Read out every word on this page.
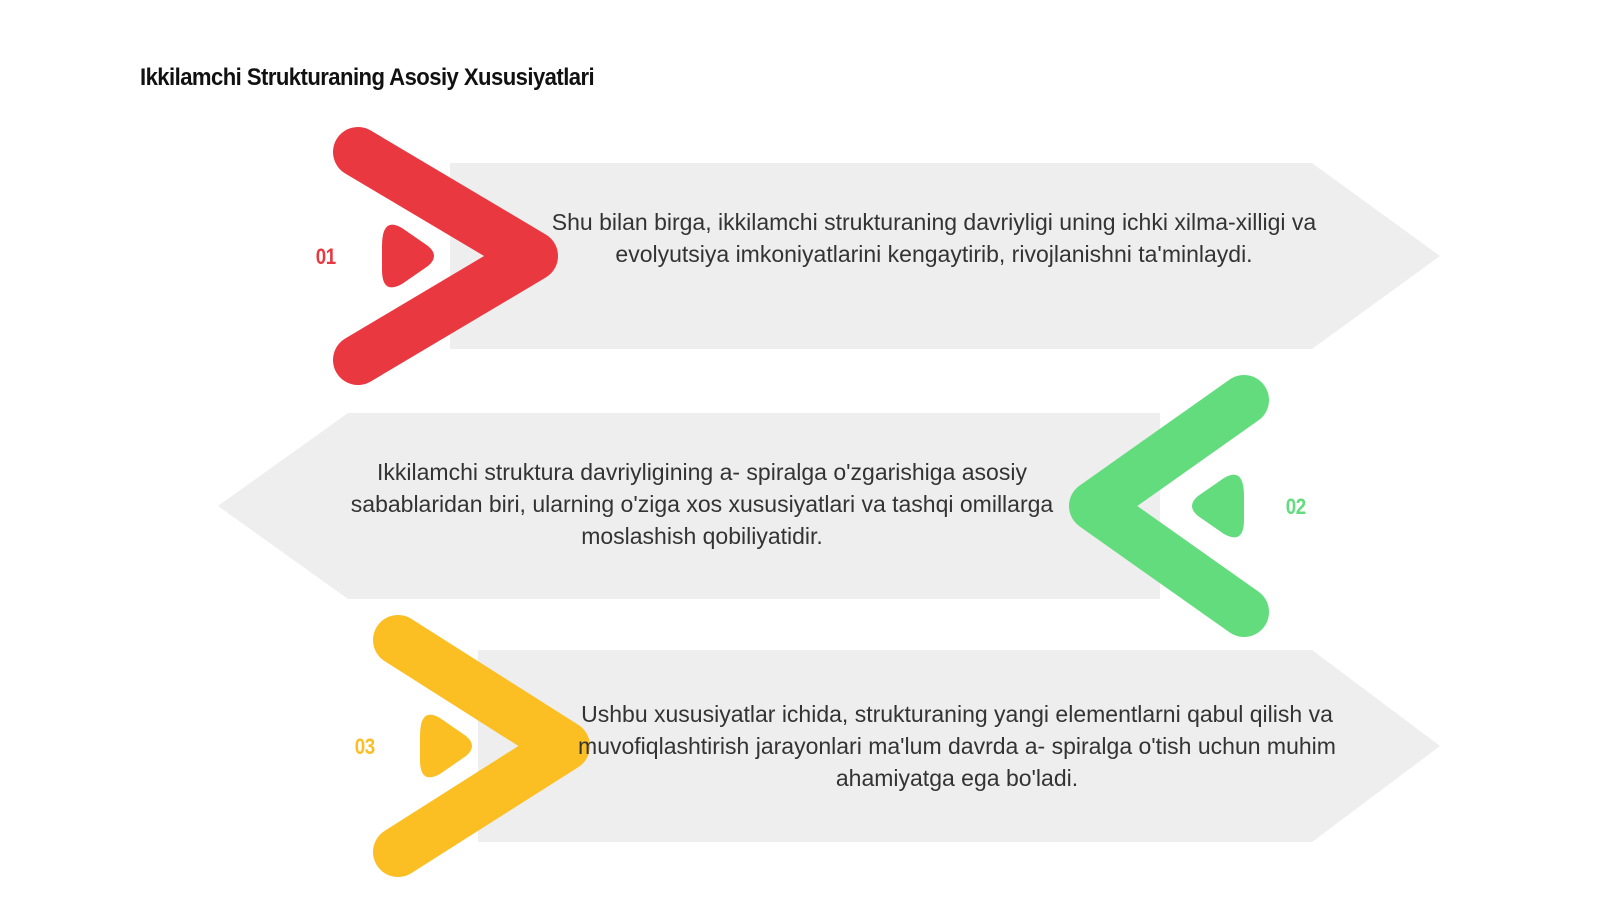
Ikkilamchi Strukturaning Asosiy Xususiyatlari
01
02
03
Shu bilan birga, ikkilamchi strukturaning davriyligi uning ichki xilma-xilligi va evolyutsiya imkoniyatlarini kengaytirib, rivojlanishni ta'minlaydi.
Ikkilamchi struktura davriyligining a- spiralga o'zgarishiga asosiy sabablaridan biri, ularning o'ziga xos xususiyatlari va tashqi omillarga moslashish qobiliyatidir.
Ushbu xususiyatlar ichida, strukturaning yangi elementlarni qabul qilish va muvofiqlashtirish jarayonlari ma'lum davrda a- spiralga o'tish uchun muhim ahamiyatga ega bo'ladi.
